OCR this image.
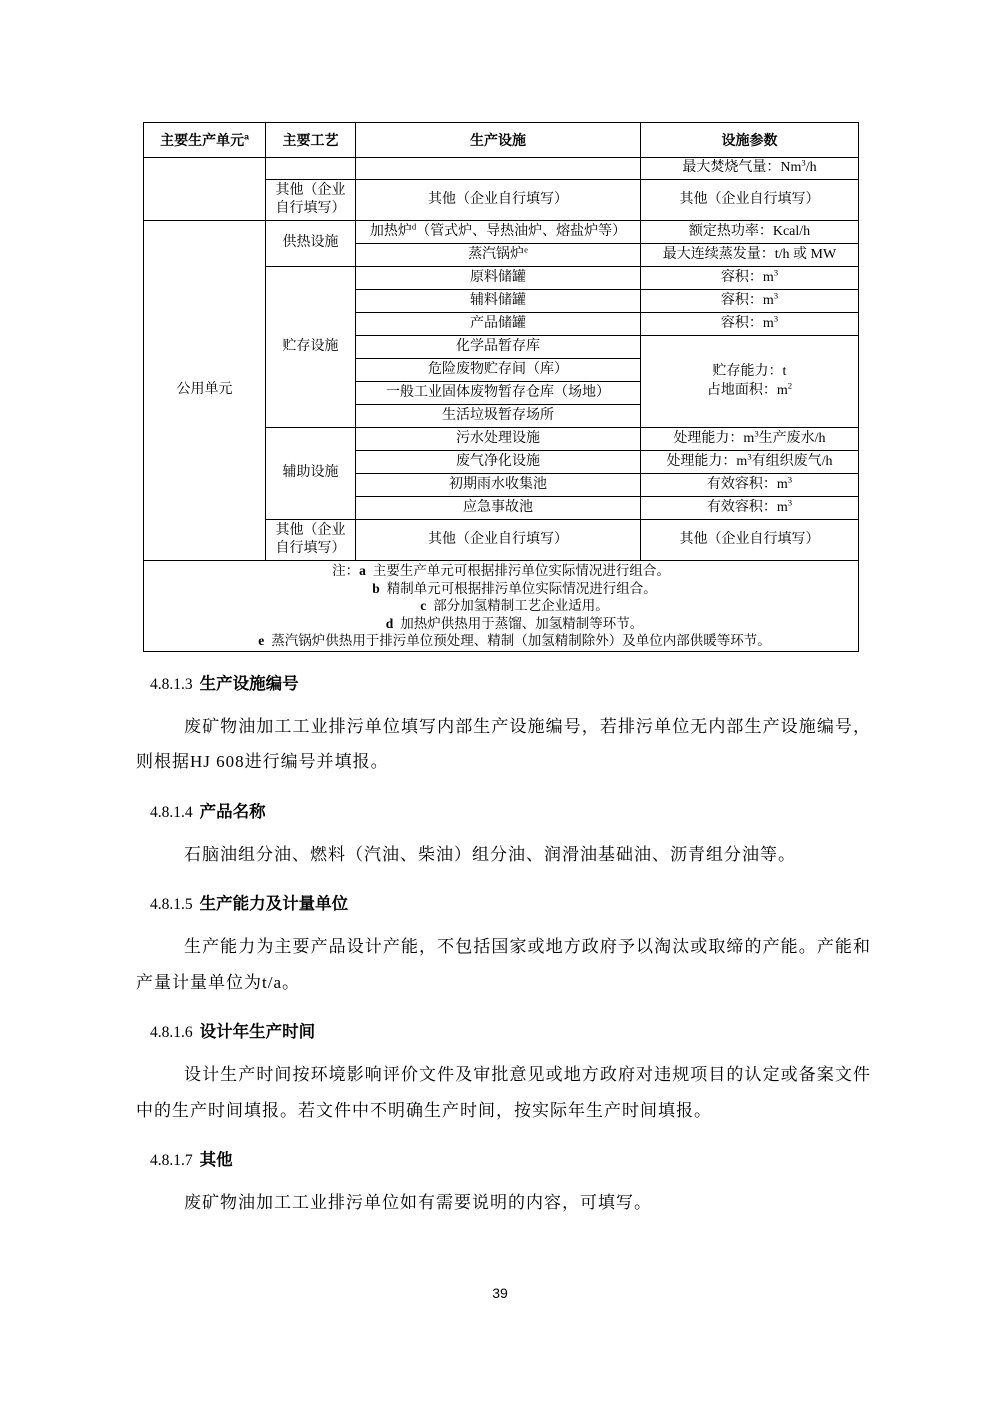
主要生产单元$^a$	主要工艺	生产设施	设施参数
			最大焚烧气量：Nm$^3$/h
	其他（企业自行填写）	其他（企业自行填写）	其他（企业自行填写）
公用单元	供热设施	加热炉$^d$（管式炉、导热油炉、熔盐炉等）	额定热功率：Kcal/h
		蒸汽锅炉$^e$	最大连续蒸发量：t/h 或 MW
	贮存设施	原料储罐	容积：$m^3$
		辅料储罐	容积：$m^3$
		产品储罐	容积：$m^3$
		化学品暂存库	贮存能力：t
占地面积：$m^2$

		危险废物贮存间（库）	
		一般工业固体废物暂存仓库（场地）	
		生活垃圾暂存场所	
	辅助设施	污水处理设施	处理能力：$m^3$生产废水/h
		废气净化设施	处理能力：$m^3$有组织废气/h
		初期雨水收集池	有效容积：$m^3$
		应急事故池	有效容积：$m^3$
	其他（企业自行填写）	其他（企业自行填写）	其他（企业自行填写）

注：a 主要生产单元可根据排污单位实际情况进行组合。
b 精制单元可根据排污单位实际情况进行组合。
c 部分加氢精制工艺企业适用。
d 加热炉供热用于蒸馏、加氢精制等环节。
e 蒸汽锅炉供热用于排污单位预处理、精制（加氢精制除外）及单位内部供暖等环节。			
4.8.1.3 生产设施编号

废矿物油加工工业排污单位填写内部生产设施编号，若排污单位无内部生产设施编号，则根据HJ 608进行编号并填报。

4.8.1.4 产品名称

石脑油组分油、燃料（汽油、柴油）组分油、润滑油基础油、沥青组分油等。

4.8.1.5 生产能力及计量单位

生产能力为主要产品设计产能，不包括国家或地方政府予以淘汰或取缔的产能。产能和产量计量单位为t/a。

4.8.1.6 设计年生产时间

设计生产时间按环境影响评价文件及审批意见或地方政府对违规项目的认定或备案文件中的生产时间填报。若文件中不明确生产时间，按实际年生产时间填报。

4.8.1.7 其他

废矿物油加工工业排污单位如有需要说明的内容，可填写。

39
